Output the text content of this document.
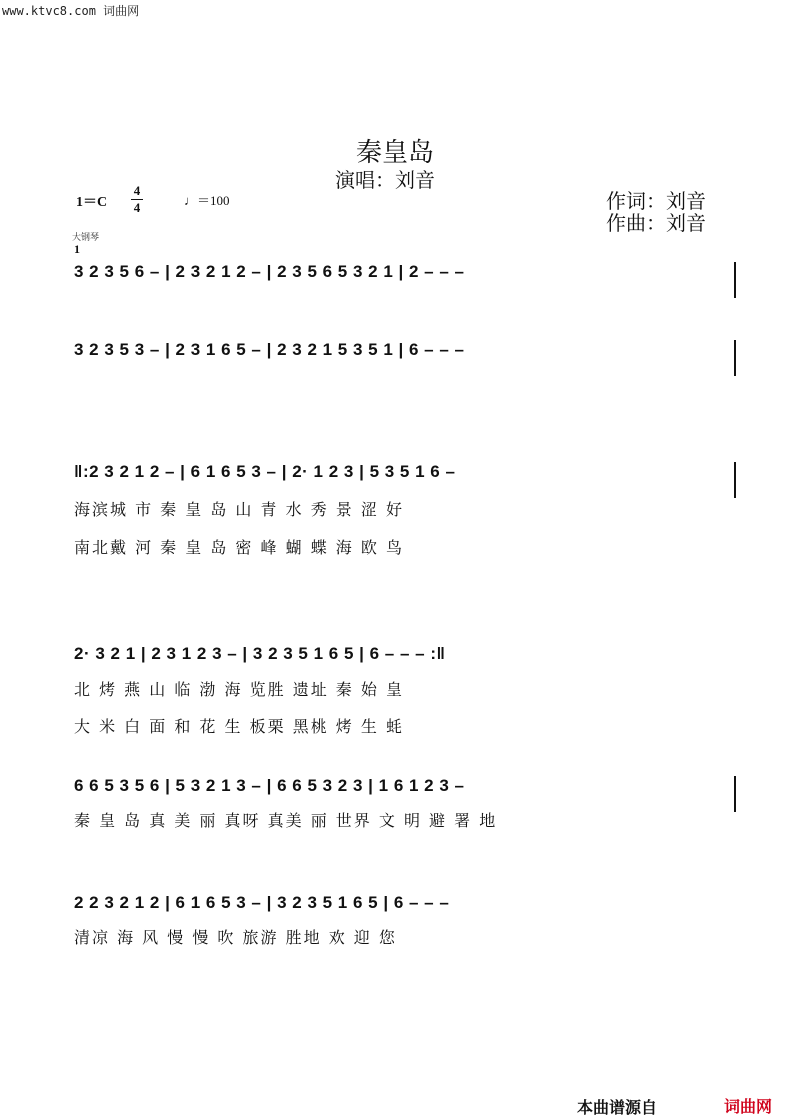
www.ktvc8.com 词曲网
秦皇岛
演唱：刘音
1＝C
4
4	♩＝100	作词：刘音
作曲：刘音
大钢琴
1
3 2 3 5 6 – | 2 3 2 1 2 – | 2 3 5 6 5 3 2 1 | 2 – – –
3 2 3 5 3 – | 2 3 1 6 5 – | 2 3 2 1 5 3 5 1 | 6 – – –
‖:2 3 2 1 2 – | 6 1 6 5 3 – | 2· 1 2 3 | 5 3 5 1 6 –
海滨城 市 秦 皇 岛 山 青 水 秀 景 涩 好
南北戴 河 秦 皇 岛 密 峰 蝴 蝶 海 欧 鸟
2· 3 2 1 | 2 3 1 2 3 – | 3 2 3 5 1 6 5 | 6 – – – :‖
北 烤 燕 山 临 渤 海 览胜 遗址 秦 始 皇
大 米 白 面 和 花 生 板栗 黑桃 烤 生 蚝
6 6 5 3 5 6 | 5 3 2 1 3 – | 6 6 5 3 2 3 | 1 6 1 2 3 –
秦 皇 岛 真 美 丽 真呀 真美 丽 世界 文 明 避 署 地
2 2 3 2 1 2 | 6 1 6 5 3 – | 3 2 3 5 1 6 5 | 6 – – –
清凉 海 风 慢 慢 吹 旅游 胜地 欢 迎 您
本曲谱源自	词曲网
